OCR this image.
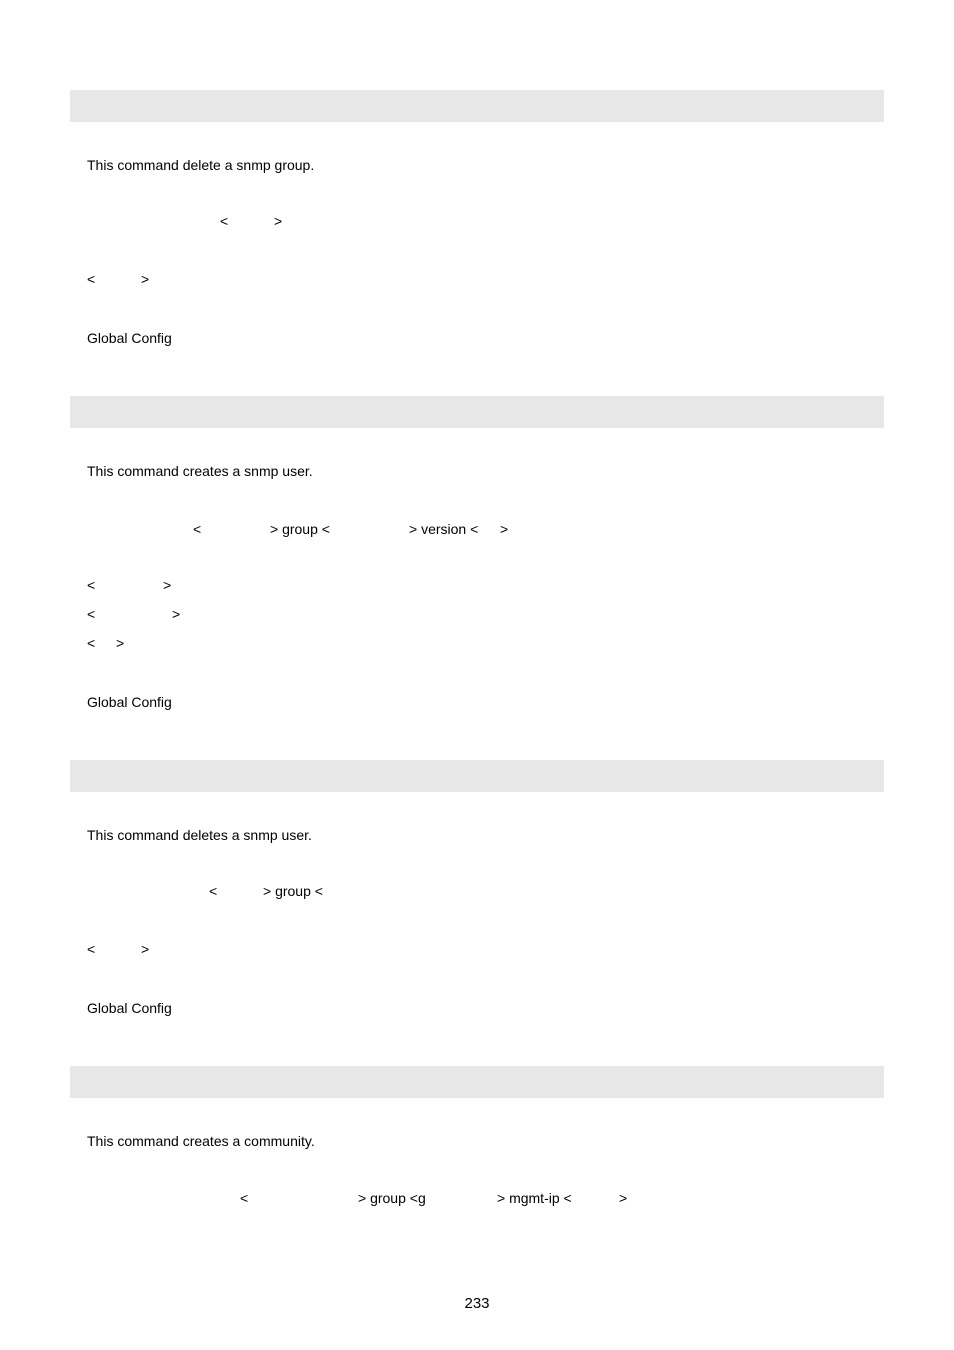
This command delete a snmp group.
<	>
<	>
Global Config
This command creates a snmp user.
<	> group <	> version < >
<	>
<	>
< >
Global Config
This command deletes a snmp user.
<	> group <
<	>
Global Config
This command creates a community.
<	> group <g	> mgmt-ip <	>
233
